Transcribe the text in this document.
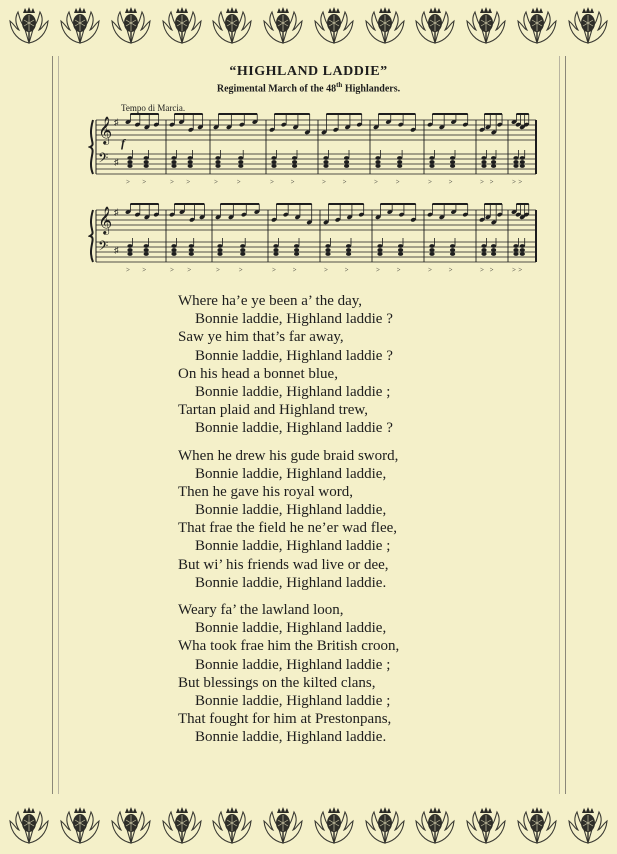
“HIGHLAND LADDIE”
Regimental March of the 48th Highlanders.
Tempo di Marcia.
𝄞 ♯
𝄢 ♯
> >	> >	>	>	> >	> >	>	>	> >	> >	> >
f
𝄞 ♯
𝄢 ♯
> >	> >	>	>	> >	> >	> >	> >	> >	> >
Where ha’e ye been a’ the day,
Bonnie laddie, Highland laddie ?
Saw ye him that’s far away,
Bonnie laddie, Highland laddie ?
On his head a bonnet blue,
Bonnie laddie, Highland laddie ;
Tartan plaid and Highland trew,
Bonnie laddie, Highland laddie ?
When he drew his gude braid sword,
Bonnie laddie, Highland laddie,
Then he gave his royal word,
Bonnie laddie, Highland laddie,
That frae the field he ne’er wad flee,
Bonnie laddie, Highland laddie ;
But wi’ his friends wad live or dee,
Bonnie laddie, Highland laddie.
Weary fa’ the lawland loon,
Bonnie laddie, Highland laddie,
Wha took frae him the British croon,
Bonnie laddie, Highland laddie ;
But blessings on the kilted clans,
Bonnie laddie, Highland laddie ;
That fought for him at Prestonpans,
Bonnie laddie, Highland laddie.
